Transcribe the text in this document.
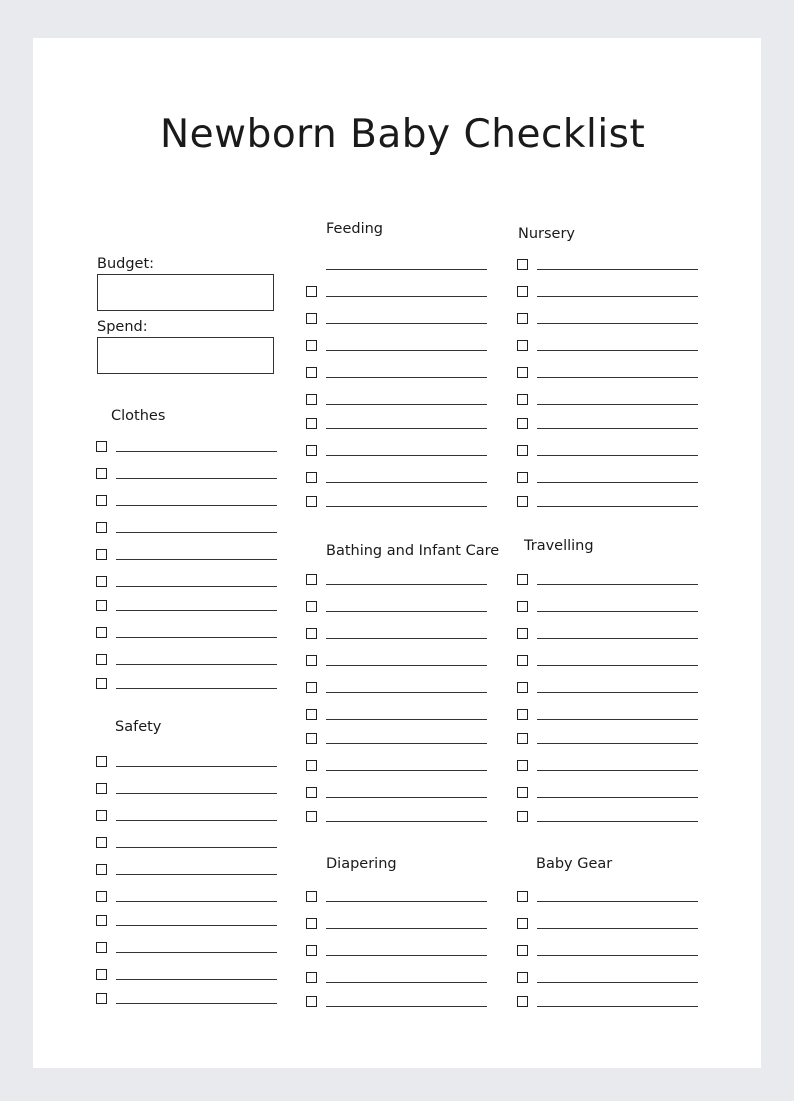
Newborn Baby Checklist
Budget:
Spend:
Clothes
Safety
Feeding
Bathing and Infant Care
Diapering
Nursery
Travelling
Baby Gear
